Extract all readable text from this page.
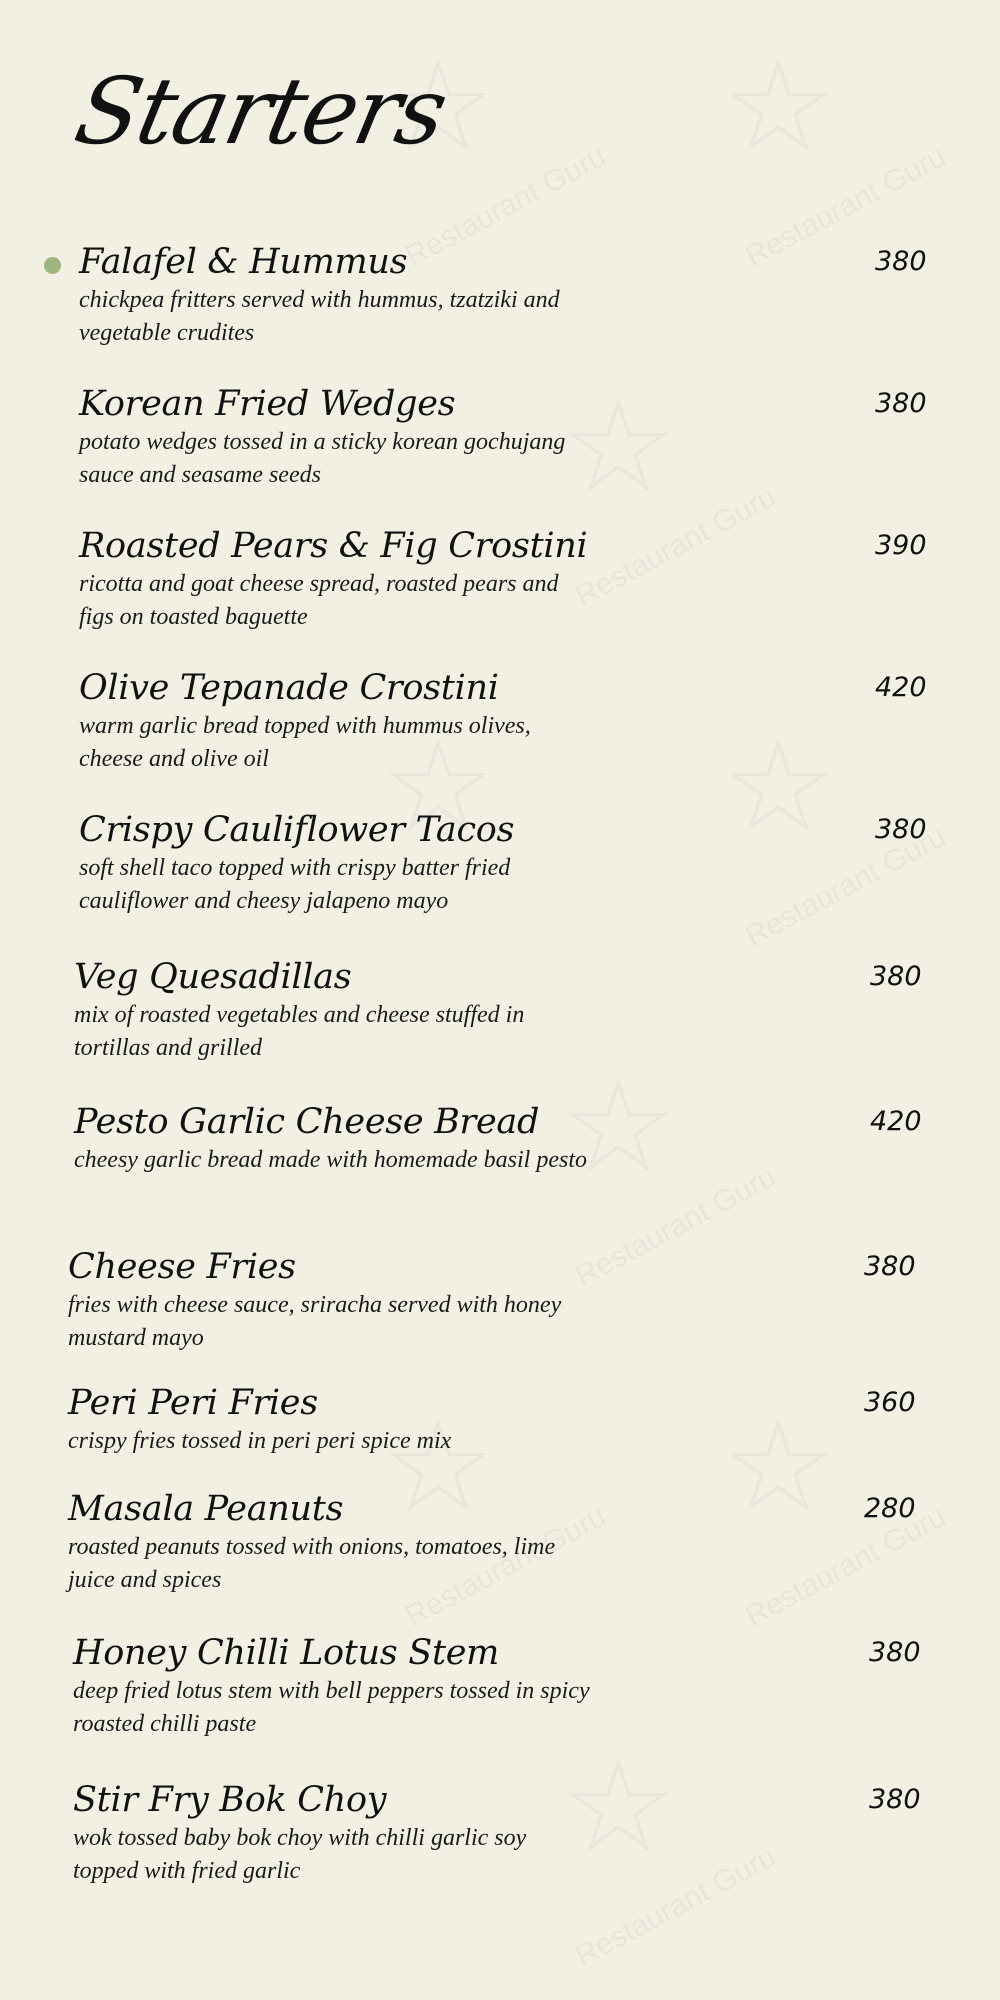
Starters
Falafel & Hummus
chickpea fritters served with hummus, tzatziki and vegetable crudites
380
Korean Fried Wedges
potato wedges tossed in a sticky korean gochujang sauce and seasame seeds
380
Roasted Pears & Fig Crostini
ricotta and goat cheese spread, roasted pears and figs on toasted baguette
390
Olive Tepanade Crostini
warm garlic bread topped with hummus olives, cheese and olive oil
420
Crispy Cauliflower Tacos
soft shell taco topped with crispy batter fried cauliflower and cheesy jalapeno mayo
380
Veg Quesadillas
mix of roasted vegetables and cheese stuffed in tortillas and grilled
380
Pesto Garlic Cheese Bread
cheesy garlic bread made with homemade basil pesto
420
Cheese Fries
fries with cheese sauce, sriracha served with honey mustard mayo
380
Peri Peri Fries
crispy fries tossed in peri peri spice mix
360
Masala Peanuts
roasted peanuts tossed with onions, tomatoes, lime juice and spices
280
Honey Chilli Lotus Stem
deep fried lotus stem with bell peppers tossed in spicy roasted chilli paste
380
Stir Fry Bok Choy
wok tossed baby bok choy with chilli garlic soy topped with fried garlic
380
